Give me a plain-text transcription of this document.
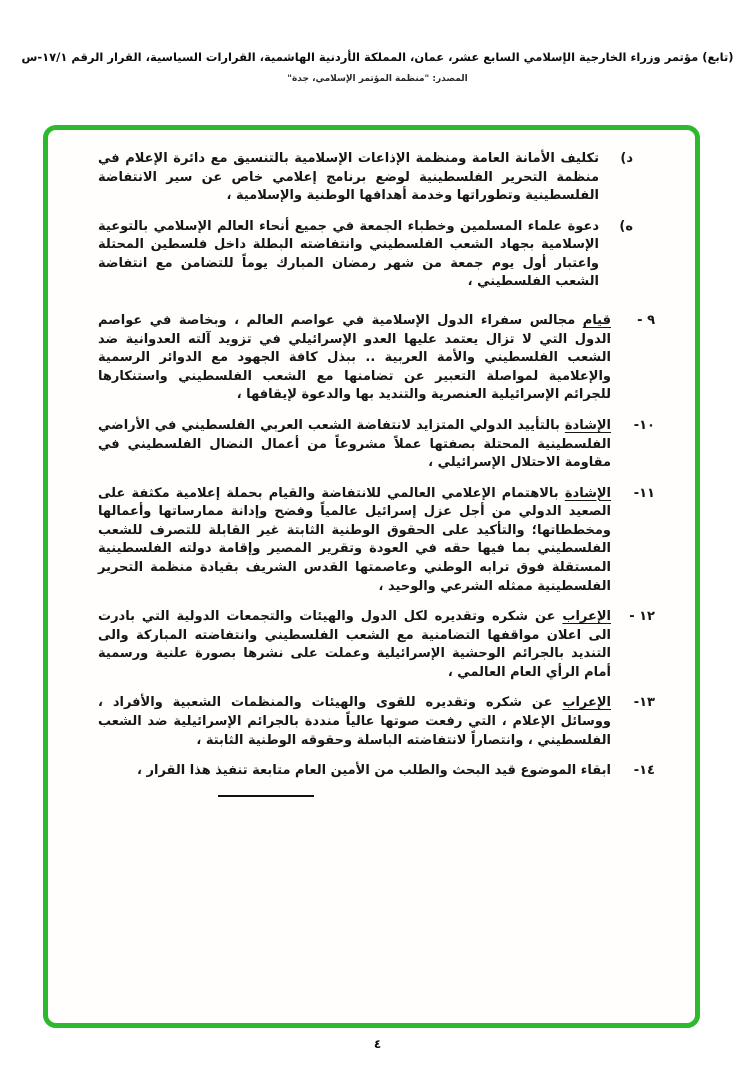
(تابع) مؤتمر وزراء الخارجية الإسلامي السابع عشر، عمان، المملكة الأردنية الهاشمية، القرارات السياسية، القرار الرقم ١٧/١-س
المصدر: "منظمة المؤتمر الإسلامي، جدة"
د)
تكليف الأمانة العامة ومنظمة الإذاعات الإسلامية بالتنسيق مع دائرة الإعلام في منظمة التحرير الفلسطينية لوضع برنامج إعلامي خاص عن سير الانتفاضة الفلسطينية وتطوراتها وخدمة أهدافها الوطنية والإسلامية ،
ه)
دعوة علماء المسلمين وخطباء الجمعة في جميع أنحاء العالم الإسلامي بالتوعية الإسلامية بجهاد الشعب الفلسطيني وانتفاضته البطلة داخل فلسطين المحتلة واعتبار أول يوم جمعة من شهر رمضان المبارك يوماً للتضامن مع انتفاضة الشعب الفلسطيني ،
٩ -
قيام مجالس سفراء الدول الإسلامية في عواصم العالم ، وبخاصة في عواصم الدول التي لا تزال يعتمد عليها العدو الإسرائيلي في تزويد آلته العدوانية ضد الشعب الفلسطيني والأمة العربية .. ببذل كافة الجهود مع الدوائر الرسمية والإعلامية لمواصلة التعبير عن تضامنها مع الشعب الفلسطيني واستنكارها للجرائم الإسرائيلية العنصرية والتنديد بها والدعوة لإيقافها ،
١٠-
الإشادة بالتأييد الدولي المتزايد لانتفاضة الشعب العربي الفلسطيني في الأراضي الفلسطينية المحتلة بصفتها عملاً مشروعاً من أعمال النضال الفلسطيني في مقاومة الاحتلال الإسرائيلي ،
١١-
الإشادة بالاهتمام الإعلامي العالمي للانتفاضة والقيام بحملة إعلامية مكثفة على الصعيد الدولي من أجل عزل إسرائيل عالمياً وفضح وإدانة ممارساتها وأعمالها ومخططاتها؛ والتأكيد على الحقوق الوطنية الثابتة غير القابلة للتصرف للشعب الفلسطيني بما فيها حقه في العودة وتقرير المصير وإقامة دولته الفلسطينية المستقلة فوق ترابه الوطني وعاصمتها القدس الشريف بقيادة منظمة التحرير الفلسطينية ممثله الشرعي والوحيد ،
١٢ -
الإعراب عن شكره وتقديره لكل الدول والهيئات والتجمعات الدولية التي بادرت الى اعلان مواقفها التضامنية مع الشعب الفلسطيني وانتفاضته المباركة والى التنديد بالجرائم الوحشية الإسرائيلية وعملت على نشرها بصورة علنية ورسمية أمام الرأي العام العالمي ،
١٣-
الإعراب عن شكره وتقديره للقوى والهيئات والمنظمات الشعبية والأفراد ، ووسائل الإعلام ، التي رفعت صوتها عالياً منددة بالجرائم الإسرائيلية ضد الشعب الفلسطيني ، وانتصاراً لانتفاضته الباسلة وحقوقه الوطنية الثابتة ،
١٤-
ابقاء الموضوع قيد البحث والطلب من الأمين العام متابعة تنفيذ هذا القرار ،
٤
